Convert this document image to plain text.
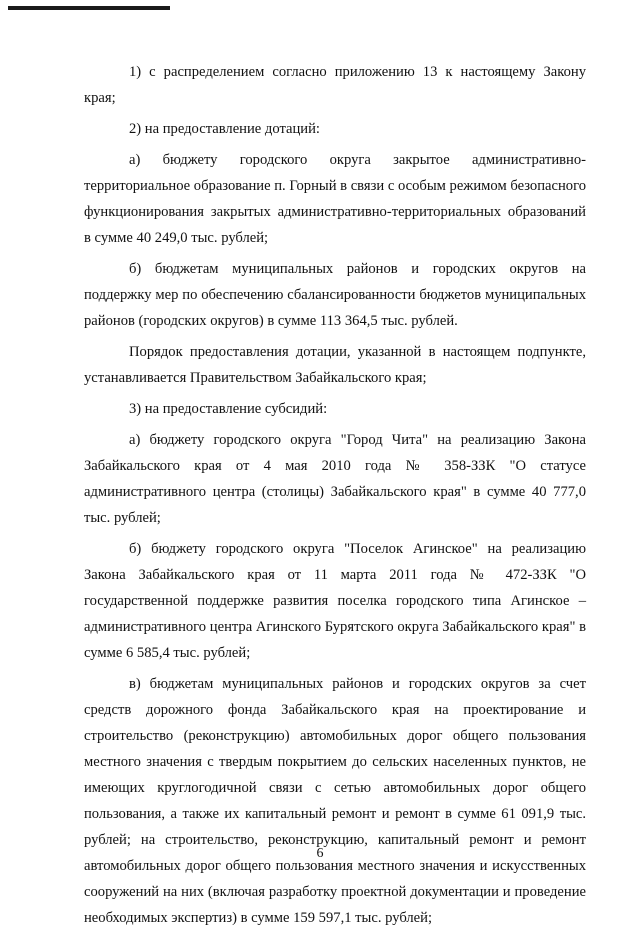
1) с распределением согласно приложению 13 к настоящему Закону края;

2) на предоставление дотаций:

а) бюджету городского округа закрытое административно-территориальное образование п. Горный в связи с особым режимом безопасного функционирования закрытых административно-территориальных образований в сумме 40 249,0 тыс. рублей;

б) бюджетам муниципальных районов и городских округов на поддержку мер по обеспечению сбалансированности бюджетов муниципальных районов (городских округов) в сумме 113 364,5 тыс. рублей.

Порядок предоставления дотации, указанной в настоящем подпункте, устанавливается Правительством Забайкальского края;

3) на предоставление субсидий:

а) бюджету городского округа "Город Чита" на реализацию Закона Забайкальского края от 4 мая 2010 года № 358-ЗЗК "О статусе административного центра (столицы) Забайкальского края" в сумме 40 777,0 тыс. рублей;

б) бюджету городского округа "Поселок Агинское" на реализацию Закона Забайкальского края от 11 марта 2011 года № 472-ЗЗК "О государственной поддержке развития поселка городского типа Агинское – административного центра Агинского Бурятского округа Забайкальского края" в сумме 6 585,4 тыс. рублей;

в) бюджетам муниципальных районов и городских округов за счет средств дорожного фонда Забайкальского края на проектирование и строительство (реконструкцию) автомобильных дорог общего пользования местного значения с твердым покрытием до сельских населенных пунктов, не имеющих круглогодичной связи с сетью автомобильных дорог общего пользования, а также их капитальный ремонт и ремонт в сумме 61 091,9 тыс. рублей; на строительство, реконструкцию, капитальный ремонт и ремонт автомобильных дорог общего пользования местного значения и искусственных сооружений на них (включая разработку проектной документации и проведение необходимых экспертиз) в сумме 159 597,1 тыс. рублей;

6
